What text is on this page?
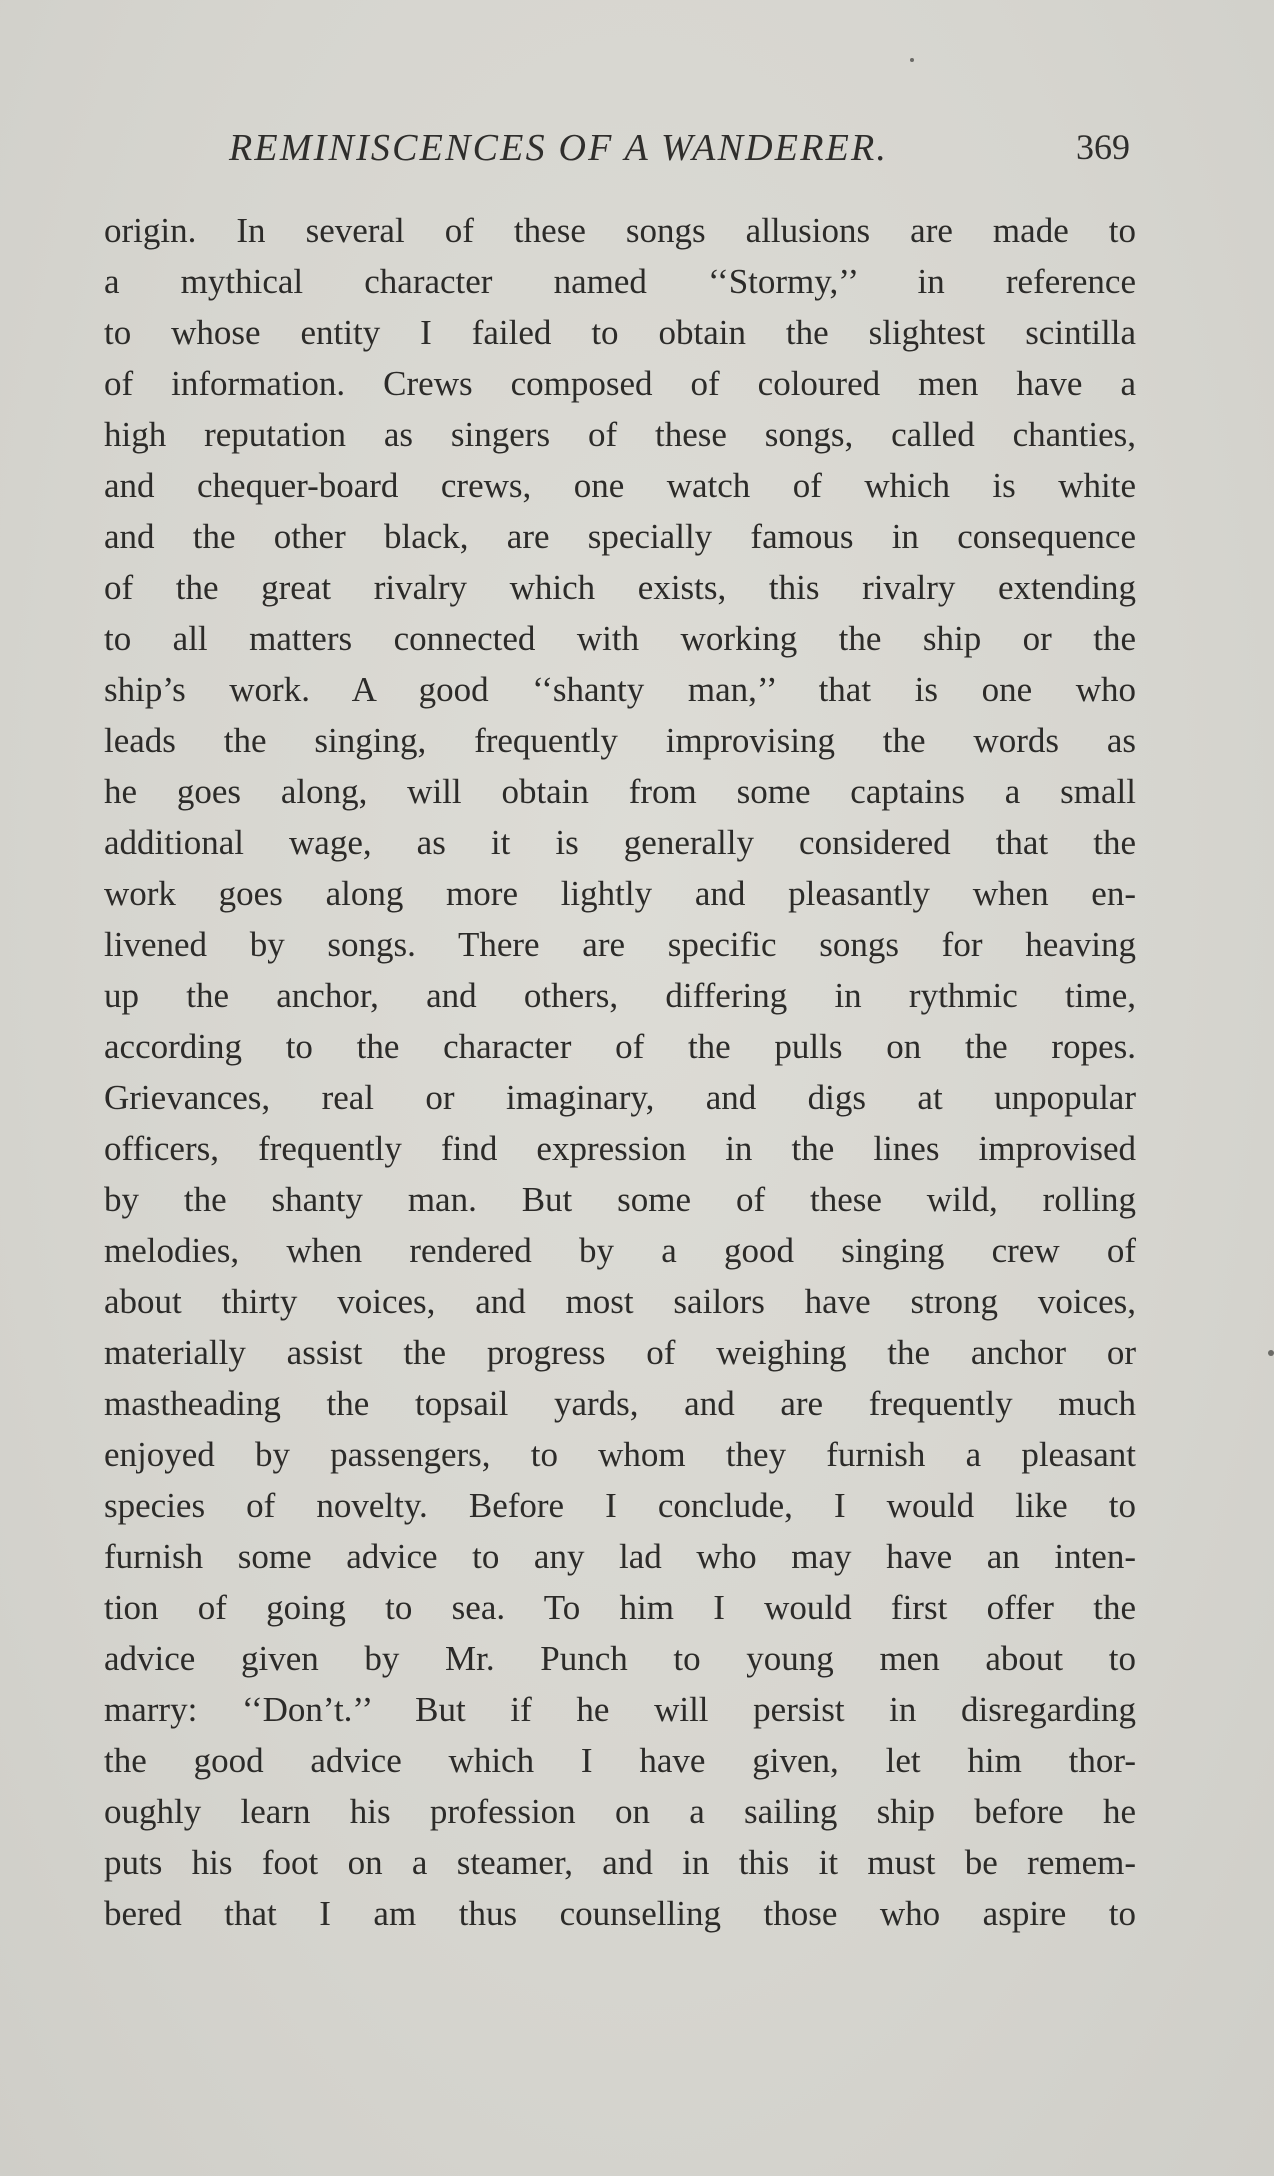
REMINISCENCES OF A WANDERER.	369
origin. In several of these songs allusions are made to
a mythical character named ‘‘Stormy,’’ in reference
to whose entity I failed to obtain the slightest scintilla
of information. Crews composed of coloured men have a
high reputation as singers of these songs, called chanties,
and chequer-board crews, one watch of which is white
and the other black, are specially famous in consequence
of the great rivalry which exists, this rivalry extending
to all matters connected with working the ship or the
ship’s work. A good ‘‘shanty man,’’ that is one who
leads the singing, frequently improvising the words as
he goes along, will obtain from some captains a small
additional wage, as it is generally considered that the
work goes along more lightly and pleasantly when en-
livened by songs. There are specific songs for heaving
up the anchor, and others, differing in rythmic time,
according to the character of the pulls on the ropes.
Grievances, real or imaginary, and digs at unpopular
officers, frequently find expression in the lines improvised
by the shanty man. But some of these wild, rolling
melodies, when rendered by a good singing crew of
about thirty voices, and most sailors have strong voices,
materially assist the progress of weighing the anchor or
mastheading the topsail yards, and are frequently much
enjoyed by passengers, to whom they furnish a pleasant
species of novelty. Before I conclude, I would like to
furnish some advice to any lad who may have an inten-
tion of going to sea. To him I would first offer the
advice given by Mr. Punch to young men about to
marry: ‘‘Don’t.’’ But if he will persist in disregarding
the good advice which I have given, let him thor-
oughly learn his profession on a sailing ship before he
puts his foot on a steamer, and in this it must be remem-
bered that I am thus counselling those who aspire to
